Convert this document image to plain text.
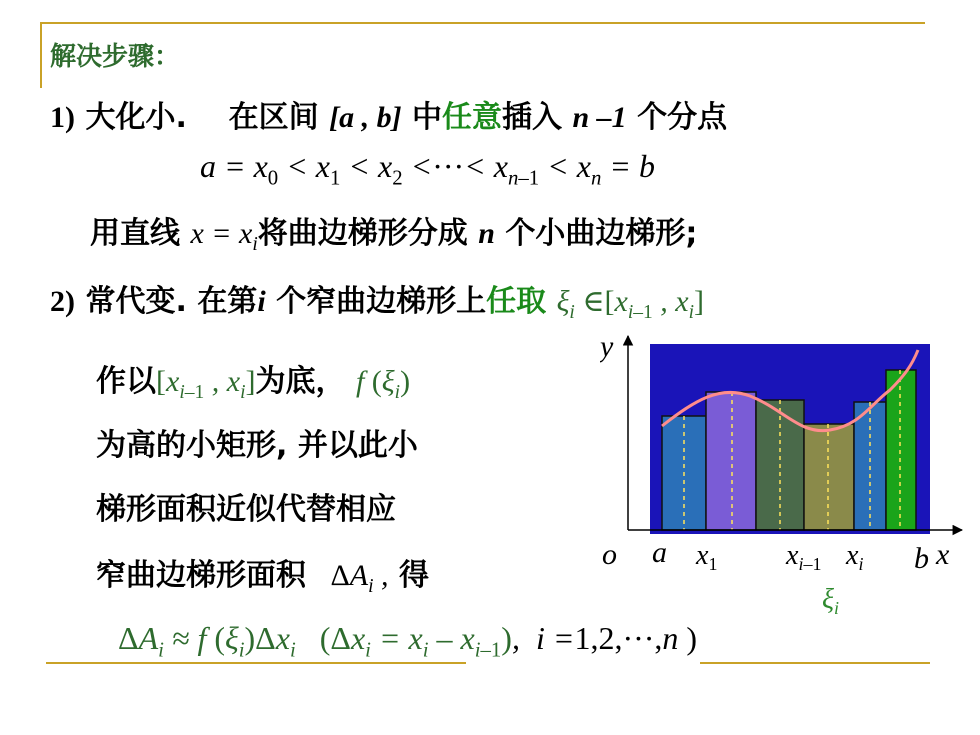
解决步骤：
1) 大化小. 在区间 [a , b] 中任意插入 n –1 个分点
$a = x_0 < x_1 < x_2$ <···< $x_{n-1} < x_n = b$
用直线 $x = x_i$将曲边梯形分成 n 个小曲边梯形;
2) 常代变. 在第i 个窄曲边梯形上任取 $\xi_i$ $\in[x_{i-1}$ , $x_i$]
作以[$x_{i-1}$ , $x_i$]为底， f $(\xi_i)$
为高的小矩形, 并以此小
梯形面积近似代替相应
窄曲边梯形面积 $\Delta A_i$ , 得
$\Delta A_i \approx f$ $(\xi_i)\Delta x_i$ $(\Delta x_i = x_i - x_{i-1})$,  i =1,2,···,n )
y
o a $x_1$ $x_i-1$ $x_i$ b x
$\xi_i$
